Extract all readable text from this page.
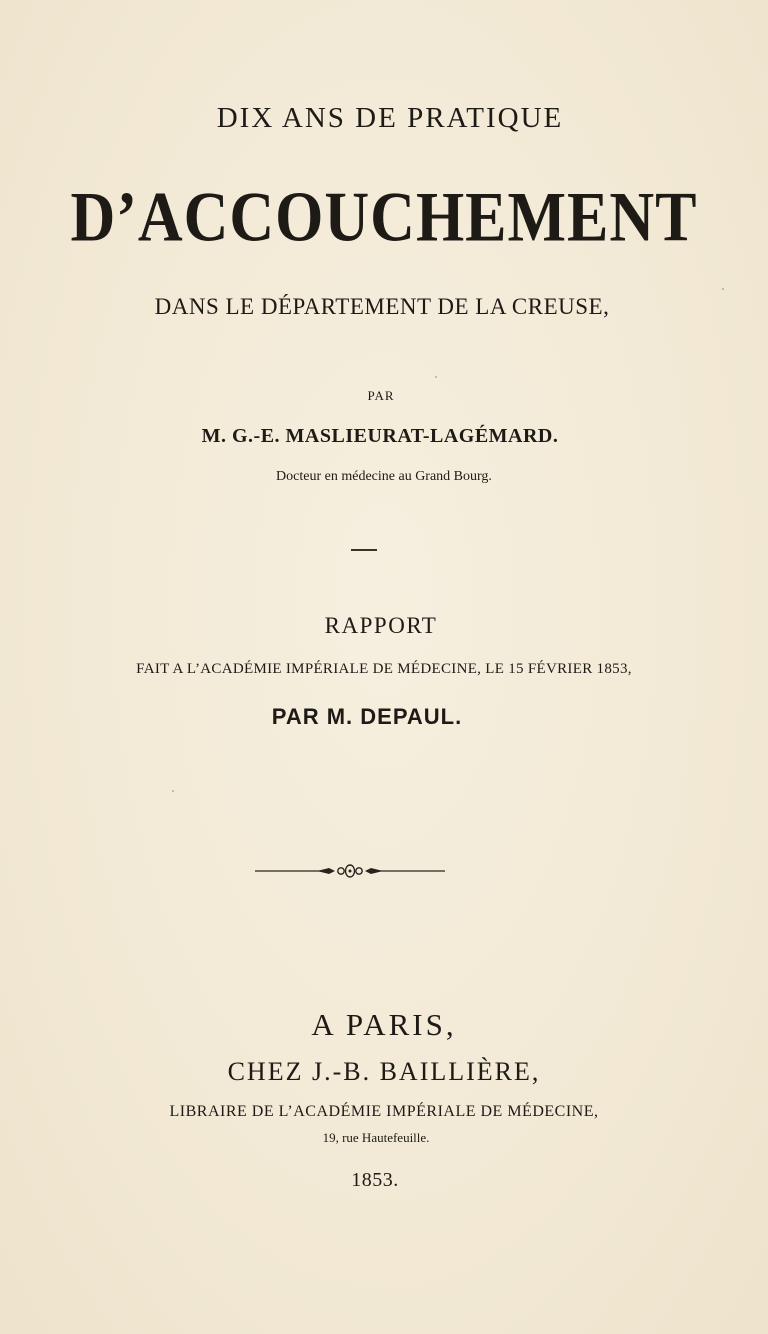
DIX ANS DE PRATIQUE
D’ACCOUCHEMENT
DANS LE DÉPARTEMENT DE LA CREUSE,
PAR
M. G.-E. MASLIEURAT-LAGÉMARD.
Docteur en médecine au Grand Bourg.
RAPPORT
FAIT A L’ACADÉMIE IMPÉRIALE DE MÉDECINE, LE 15 FÉVRIER 1853,
PAR M. DEPAUL.
A PARIS,
CHEZ J.-B. BAILLIÈRE,
LIBRAIRE DE L’ACADÉMIE IMPÉRIALE DE MÉDECINE,
19, rue Hautefeuille.
1853.
